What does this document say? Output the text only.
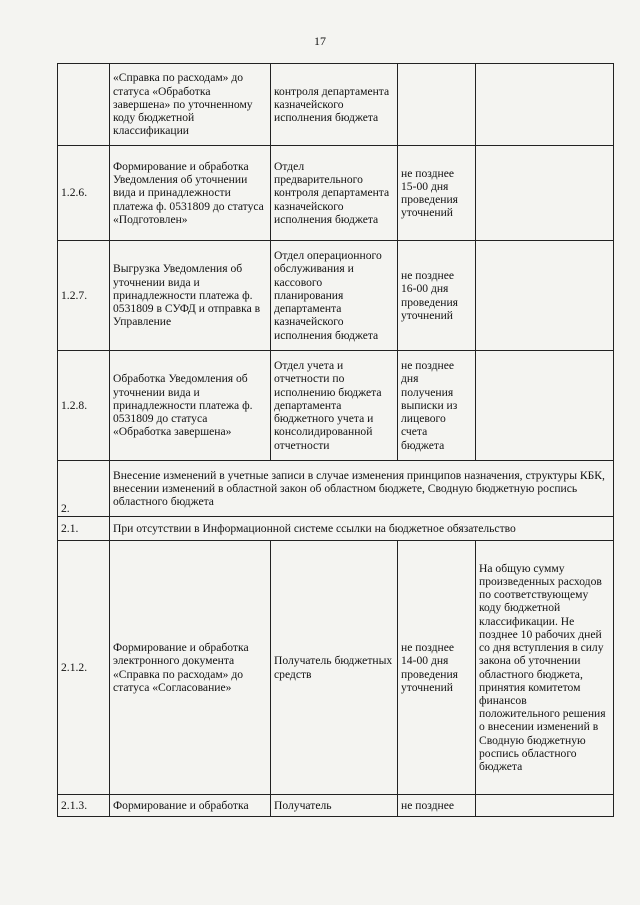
17
	«Справка по расходам» до статуса «Обработка завершена» по уточненному коду бюджетной классификации	контроля департамента казначейского исполнения бюджета		
1.2.6.	Формирование и обработка Уведомления об уточнении вида и принадлежности платежа ф. 0531809 до статуса «Подготовлен»	Отдел предварительного контроля департамента казначейского исполнения бюджета	не позднее 15-00 дня проведения уточнений	
1.2.7.	Выгрузка Уведомления об уточнении вида и принадлежности платежа ф. 0531809 в СУФД и отправка в Управление	Отдел операционного обслуживания и кассового планирования департамента казначейского исполнения бюджета	не позднее 16-00 дня проведения уточнений	
1.2.8.	Обработка Уведомления об уточнении вида и принадлежности платежа ф. 0531809 до статуса «Обработка завершена»	Отдел учета и отчетности по исполнению бюджета департамента бюджетного учета и консолидированной отчетности	не позднее дня получения выписки из лицевого счета бюджета	
2.	Внесение изменений в учетные записи в случае изменения принципов назначения, структуры КБК, внесении изменений в областной закон об областном бюджете, Сводную бюджетную роспись областного бюджета			
2.1.	При отсутствии в Информационной системе ссылки на бюджетное обязательство			
2.1.2.	Формирование и обработка электронного документа «Справка по расходам» до статуса «Согласование»	Получатель бюджетных средств	не позднее 14-00 дня проведения уточнений	На общую сумму произведенных расходов по соответствующему коду бюджетной классификации. Не позднее 10 рабочих дней со дня вступления в силу закона об уточнении областного бюджета, принятия комитетом финансов положительного решения о внесении изменений в Сводную бюджетную роспись областного бюджета
2.1.3.	Формирование и обработка	Получатель	не позднее	
